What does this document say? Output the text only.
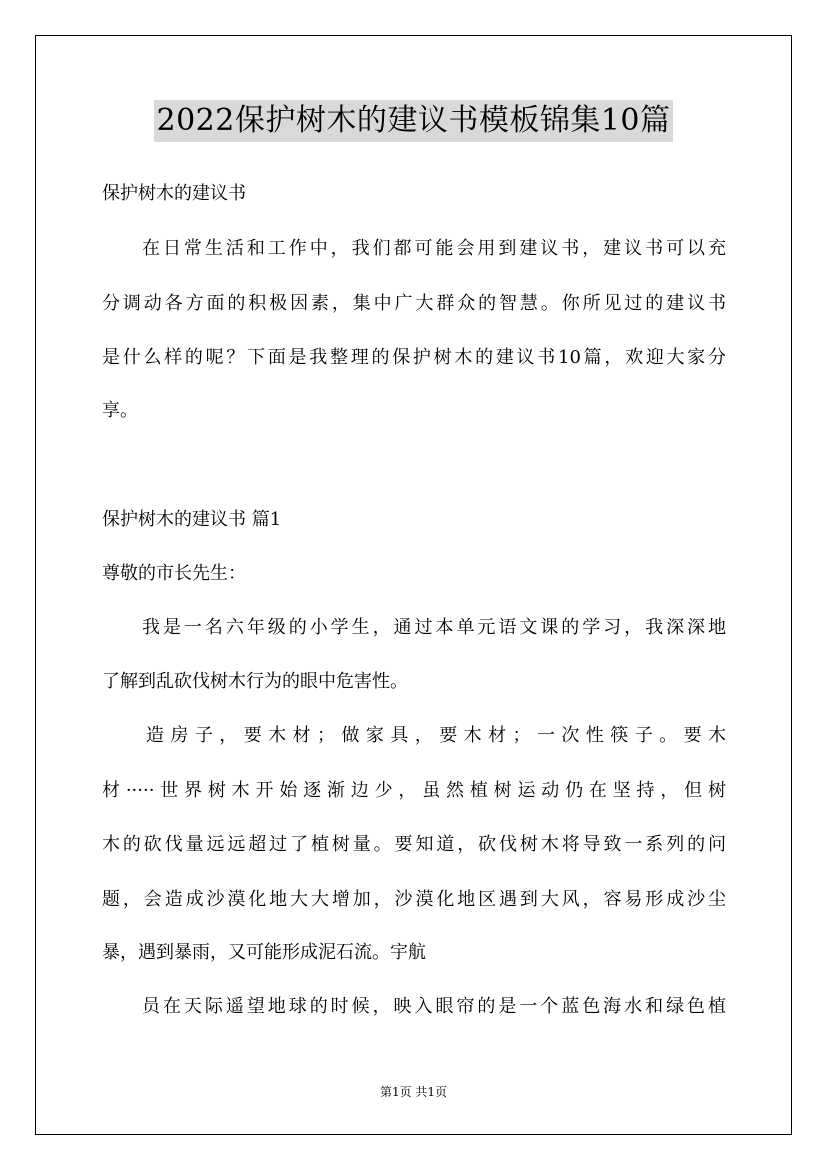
2022保护树木的建议书模板锦集10篇
保护树木的建议书
在日常生活和工作中，我们都可能会用到建议书，建议书可以充
分调动各方面的积极因素，集中广大群众的智慧。你所见过的建议书
是什么样的呢？下面是我整理的保护树木的建议书10篇，欢迎大家分
享。
保护树木的建议书 篇1
尊敬的市长先生：
我是一名六年级的小学生，通过本单元语文课的学习，我深深地
了解到乱砍伐树木行为的眼中危害性。
造房子，要木材；做家具，要木材；一次性筷子。要木
材·····世界树木开始逐渐边少，虽然植树运动仍在坚持，但树
木的砍伐量远远超过了植树量。要知道，砍伐树木将导致一系列的问
题，会造成沙漠化地大大增加，沙漠化地区遇到大风，容易形成沙尘
暴，遇到暴雨，又可能形成泥石流。宇航
员在天际遥望地球的时候，映入眼帘的是一个蓝色海水和绿色植
第1页 共1页
